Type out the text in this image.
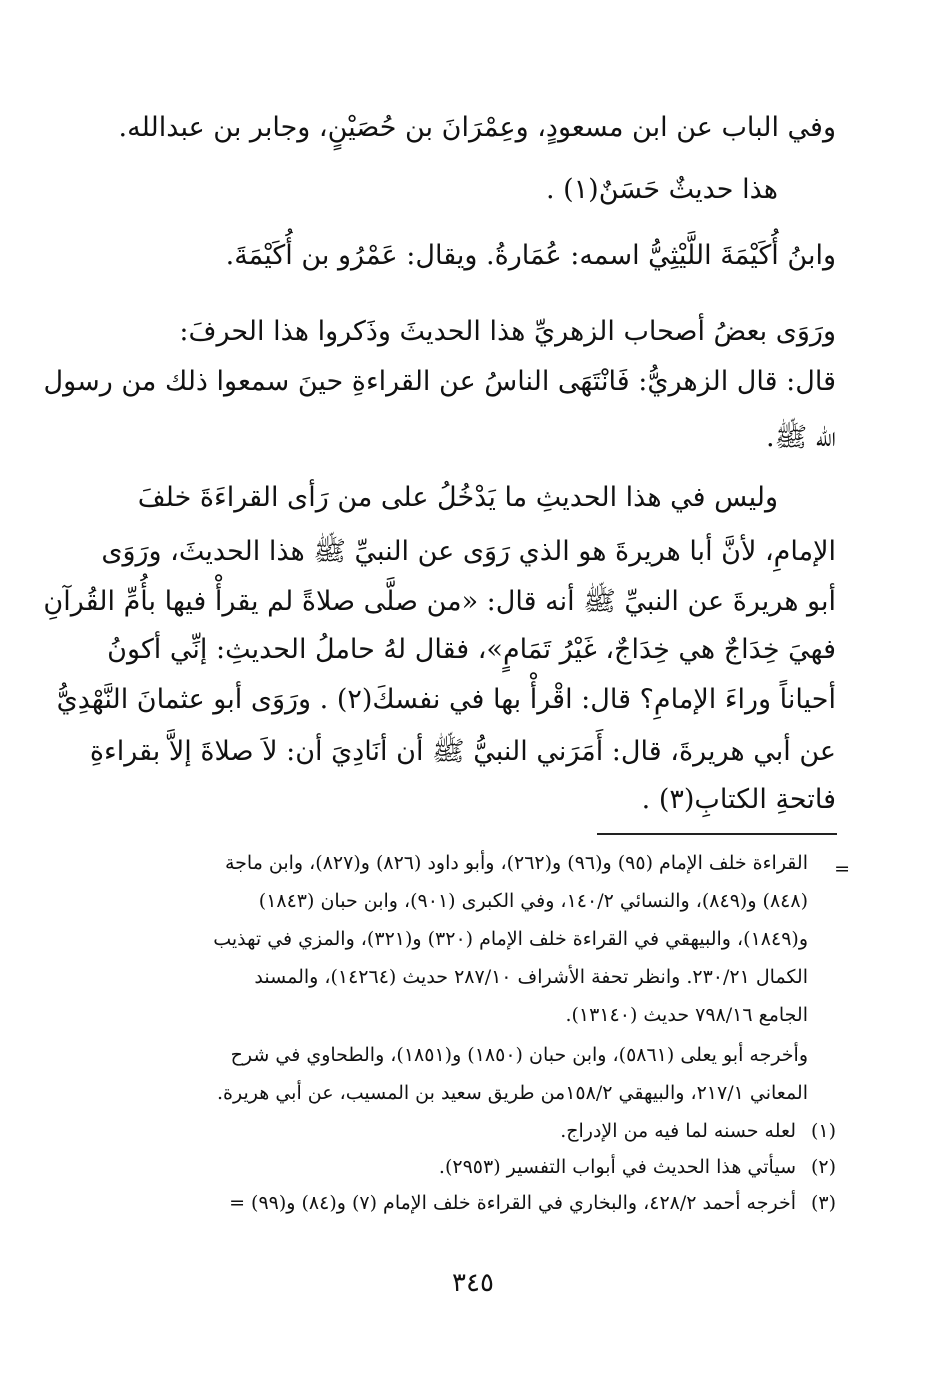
وفي الباب عن ابن مسعودٍ، وعِمْرَانَ بن حُصَيْنٍ، وجابر بن عبدالله.

هذا حديثٌ حَسَنٌ(١) .

وابنُ أُكَيْمَةَ اللَّيْثِيُّ اسمه: عُمَارةُ. ويقال: عَمْرُو بن أُكَيْمَةَ.

ورَوَى بعضُ أصحاب الزهريِّ هذا الحديثَ وذَكروا هذا الحرفَ:

قال: قال الزهريُّ: فَانْتَهَى الناسُ عن القراءةِ حينَ سمعوا ذلك من رسول

الله ﷺ.

وليس في هذا الحديثِ ما يَدْخُلُ على من رَأى القراءَةَ خلفَ

الإمامِ، لأنَّ أبا هريرةَ هو الذي رَوَى عن النبيِّ ﷺ هذا الحديثَ، ورَوَى

أبو هريرةَ عن النبيِّ ﷺ أنه قال: «من صلَّى صلاةً لم يقرأْ فيها بأُمِّ القُرآنِ

فهيَ خِدَاجٌ هي خِدَاجٌ، غَيْرُ تَمَامٍ»، فقال لهُ حاملُ الحديثِ: إنِّي أكونُ

أحياناً وراءَ الإمامِ؟ قال: اقْرأْ بها في نفسكَ(٢) . ورَوَى أبو عثمانَ النَّهْدِيُّ

عن أبي هريرةَ، قال: أَمَرَني النبيُّ ﷺ أن أنَادِيَ أن: لاَ صلاةَ إلاَّ بقراءةِ

فاتحةِ الكتابِ(٣) .

=

القراءة خلف الإمام (٩٥) و(٩٦) و(٢٦٢)، وأبو داود (٨٢٦) و(٨٢٧)، وابن ماجة

(٨٤٨) و(٨٤٩)، والنسائي ١٤٠/٢، وفي الكبرى (٩٠١)، وابن حبان (١٨٤٣)

و(١٨٤٩)، والبيهقي في القراءة خلف الإمام (٣٢٠) و(٣٢١)، والمزي في تهذيب

الكمال ٢٣٠/٢١. وانظر تحفة الأشراف ٢٨٧/١٠ حديث (١٤٢٦٤)، والمسند

الجامع ٧٩٨/١٦ حديث (١٣١٤٠).

وأخرجه أبو يعلى (٥٨٦١)، وابن حبان (١٨٥٠) و(١٨٥١)، والطحاوي في شرح

المعاني ٢١٧/١، والبيهقي ١٥٨/٢من طريق سعيد بن المسيب، عن أبي هريرة.

(١)

لعله حسنه لما فيه من الإدراج.

(٢)

سيأتي هذا الحديث في أبواب التفسير (٢٩٥٣).

(٣)

أخرجه أحمد ٤٢٨/٢، والبخاري في القراءة خلف الإمام (٧) و(٨٤) و(٩٩) =

٣٤٥
